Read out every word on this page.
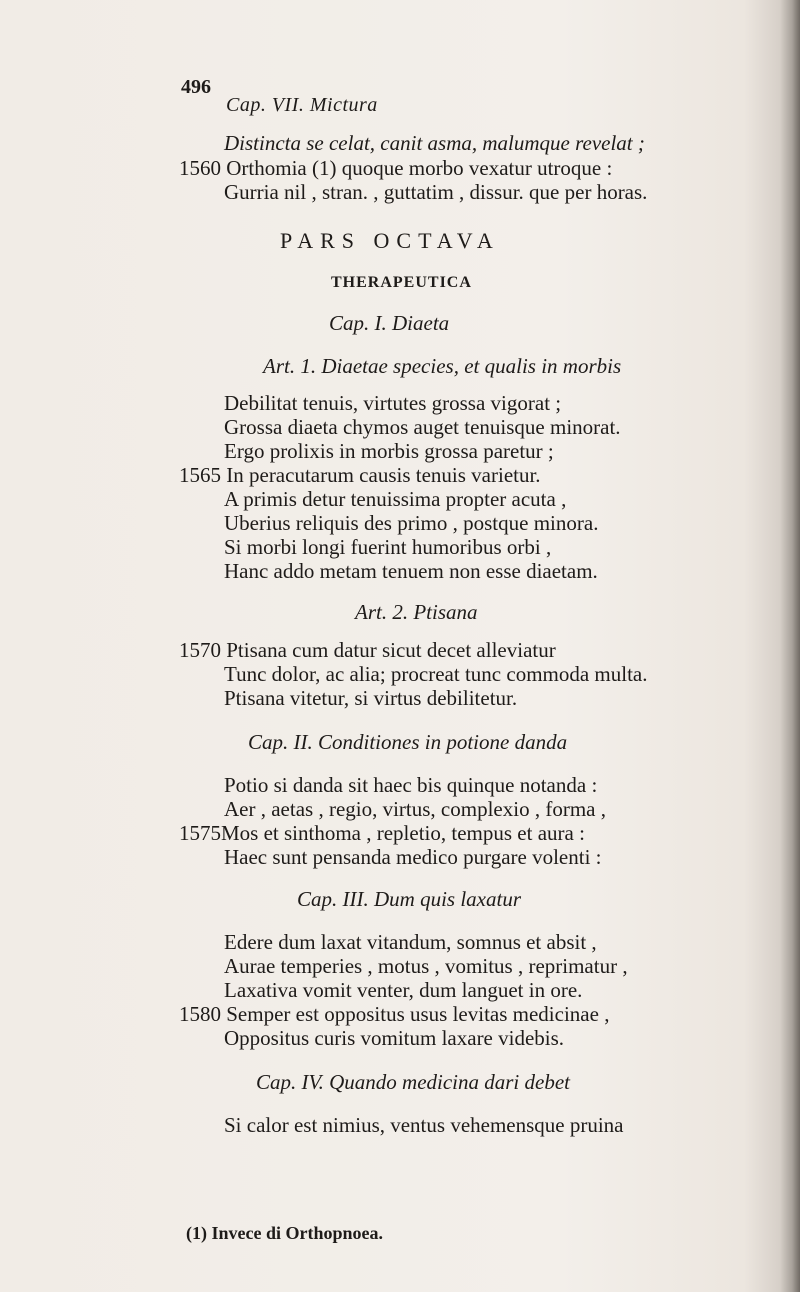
496
Cap. VII. Mictura
Distincta se celat, canit asma, malumque revelat ;
1560 Orthomia (1) quoque morbo vexatur utroque :
Gurria nil , stran. , guttatim , dissur. que per horas.
PARS OCTAVA
THERAPEUTICA
Cap. I. Diaeta
Art. 1. Diaetae species, et qualis in morbis
Debilitat tenuis, virtutes grossa vigorat ;
Grossa diaeta chymos auget tenuisque minorat.
Ergo prolixis in morbis grossa paretur ;
1565 In peracutarum causis tenuis varietur.
A primis detur tenuissima propter acuta ,
Uberius reliquis des primo , postque minora.
Si morbi longi fuerint humoribus orbi ,
Hanc addo metam tenuem non esse diaetam.
Art. 2. Ptisana
1570 Ptisana cum datur sicut decet alleviatur
Tunc dolor, ac alia; procreat tunc commoda multa.
Ptisana vitetur, si virtus debilitetur.
Cap. II. Conditiones in potione danda
Potio si danda sit haec bis quinque notanda :
Aer , aetas , regio, virtus, complexio , forma ,
1575Mos et sinthoma , repletio, tempus et aura :
Haec sunt pensanda medico purgare volenti :
Cap. III. Dum quis laxatur
Edere dum laxat vitandum, somnus et absit ,
Aurae temperies , motus , vomitus , reprimatur ,
Laxativa vomit venter, dum languet in ore.
1580 Semper est oppositus usus levitas medicinae ,
Oppositus curis vomitum laxare videbis.
Cap. IV. Quando medicina dari debet
Si calor est nimius, ventus vehemensque pruina
(1) Invece di Orthopnoea.
